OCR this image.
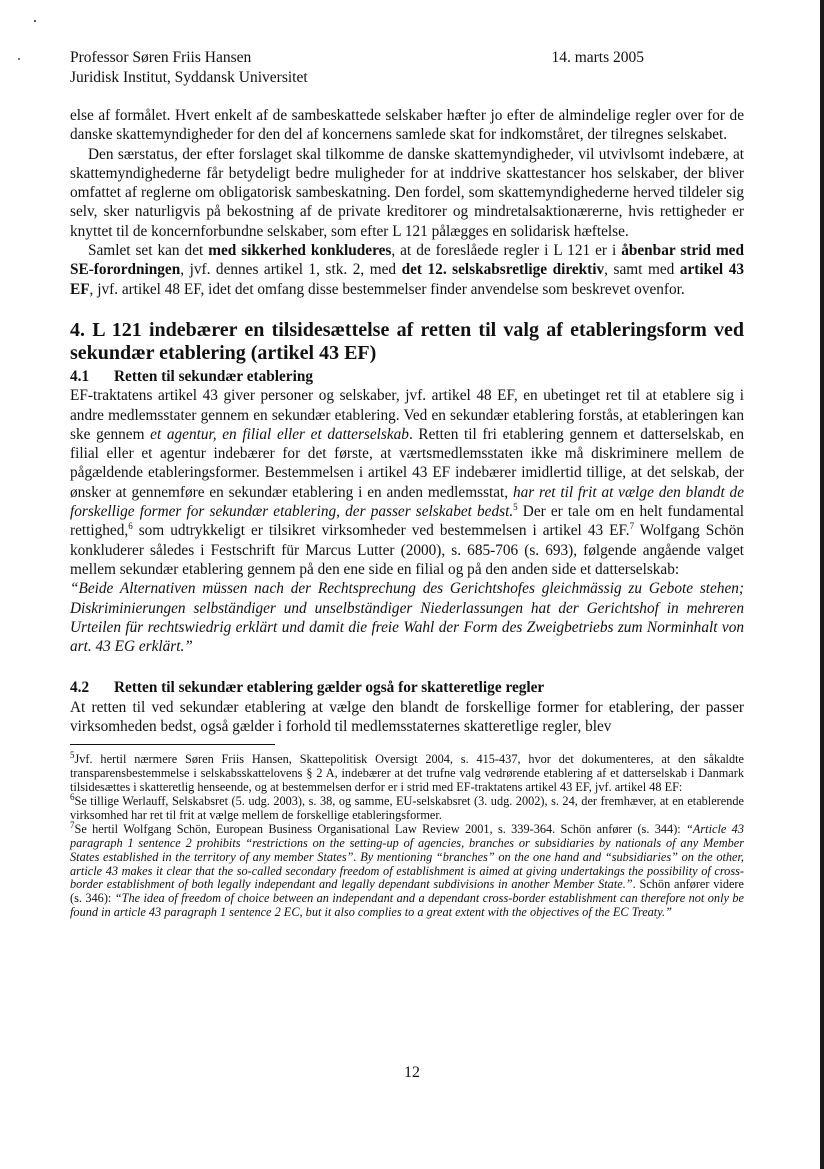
Professor Søren Friis Hansen	14. marts 2005
Juridisk Institut, Syddansk Universitet

else af formålet. Hvert enkelt af de sambeskattede selskaber hæfter jo efter de almindelige regler over for de danske skattemyndigheder for den del af koncernens samlede skat for indkomståret, der tilregnes selskabet.

Den særstatus, der efter forslaget skal tilkomme de danske skattemyndigheder, vil utvivlsomt indebære, at skattemyndighederne får betydeligt bedre muligheder for at inddrive skattestancer hos selskaber, der bliver omfattet af reglerne om obligatorisk sambeskatning. Den fordel, som skattemyndighederne herved tildeler sig selv, sker naturligvis på bekostning af de private kreditorer og mindretalsaktionærerne, hvis rettigheder er knyttet til de koncernforbundne selskaber, som efter L 121 pålægges en solidarisk hæftelse.

Samlet set kan det med sikkerhed konkluderes, at de foreslåede regler i L 121 er i åbenbar strid med SE-forordningen, jvf. dennes artikel 1, stk. 2, med det 12. selskabsretlige direktiv, samt med artikel 43 EF, jvf. artikel 48 EF, idet det omfang disse bestemmelser finder anvendelse som beskrevet ovenfor.

4. L 121 indebærer en tilsidesættelse af retten til valg af etableringsform ved sekundær etablering (artikel 43 EF)
4.1 Retten til sekundær etablering

EF-traktatens artikel 43 giver personer og selskaber, jvf. artikel 48 EF, en ubetinget ret til at etablere sig i andre medlemsstater gennem en sekundær etablering. Ved en sekundær etablering forstås, at etableringen kan ske gennem et agentur, en filial eller et datterselskab. Retten til fri etablering gennem et datterselskab, en filial eller et agentur indebærer for det første, at værtsmedlemsstaten ikke må diskriminere mellem de pågældende etableringsformer. Bestemmelsen i artikel 43 EF indebærer imidlertid tillige, at det selskab, der ønsker at gennemføre en sekundær etablering i en anden medlemsstat, har ret til frit at vælge den blandt de forskellige former for sekundær etablering, der passer selskabet bedst.$^5$ Der er tale om en helt fundamental rettighed,$^6$ som udtrykkeligt er tilsikret virksomheder ved bestemmelsen i artikel 43 EF.$^7$ Wolfgang Schön konkluderer således i Festschrift für Marcus Lutter (2000), s. 685-706 (s. 693), følgende angående valget mellem sekundær etablering gennem på den ene side en filial og på den anden side et datterselskab:

“Beide Alternativen müssen nach der Rechtsprechung des Gerichtshofes gleichmässig zu Gebote stehen; Diskriminierungen selbständiger und unselbständiger Niederlassungen hat der Gerichtshof in mehreren Urteilen für rechtswiedrig erklärt und damit die freie Wahl der Form des Zweigbetriebs zum Norminhalt von art. 43 EG erklärt.”

4.2 Retten til sekundær etablering gælder også for skatteretlige regler

At retten til ved sekundær etablering at vælge den blandt de forskellige former for etablering, der passer virksomheden bedst, også gælder i forhold til medlemsstaternes skatteretlige regler, blev

$^5$Jvf. hertil nærmere Søren Friis Hansen, Skattepolitisk Oversigt 2004, s. 415-437, hvor det dokumenteres, at den såkaldte transparensbestemmelse i selskabsskattelovens § 2 A, indebærer at det trufne valg vedrørende etablering af et datterselskab i Danmark tilsidesættes i skatteretlig henseende, og at bestemmelsen derfor er i strid med EF-traktatens artikel 43 EF, jvf. artikel 48 EF:

$^6$Se tillige Werlauff, Selskabsret (5. udg. 2003), s. 38, og samme, EU-selskabsret (3. udg. 2002), s. 24, der fremhæver, at en etablerende virksomhed har ret til frit at vælge mellem de forskellige etableringsformer.

$^7$Se hertil Wolfgang Schön, European Business Organisational Law Review 2001, s. 339-364. Schön anfører (s. 344): “Article 43 paragraph 1 sentence 2 prohibits “restrictions on the setting-up of agencies, branches or subsidiaries by nationals of any Member States established in the territory of any member States”. By mentioning “branches” on the one hand and “subsidiaries” on the other, article 43 makes it clear that the so-called secondary freedom of establishment is aimed at giving undertakings the possibility of cross-border establishment of both legally independant and legally dependant subdivisions in another Member State.”. Schön anfører videre (s. 346): “The idea of freedom of choice between an independant and a dependant cross-border establishment can therefore not only be found in article 43 paragraph 1 sentence 2 EC, but it also complies to a great extent with the objectives of the EC Treaty.”

12
